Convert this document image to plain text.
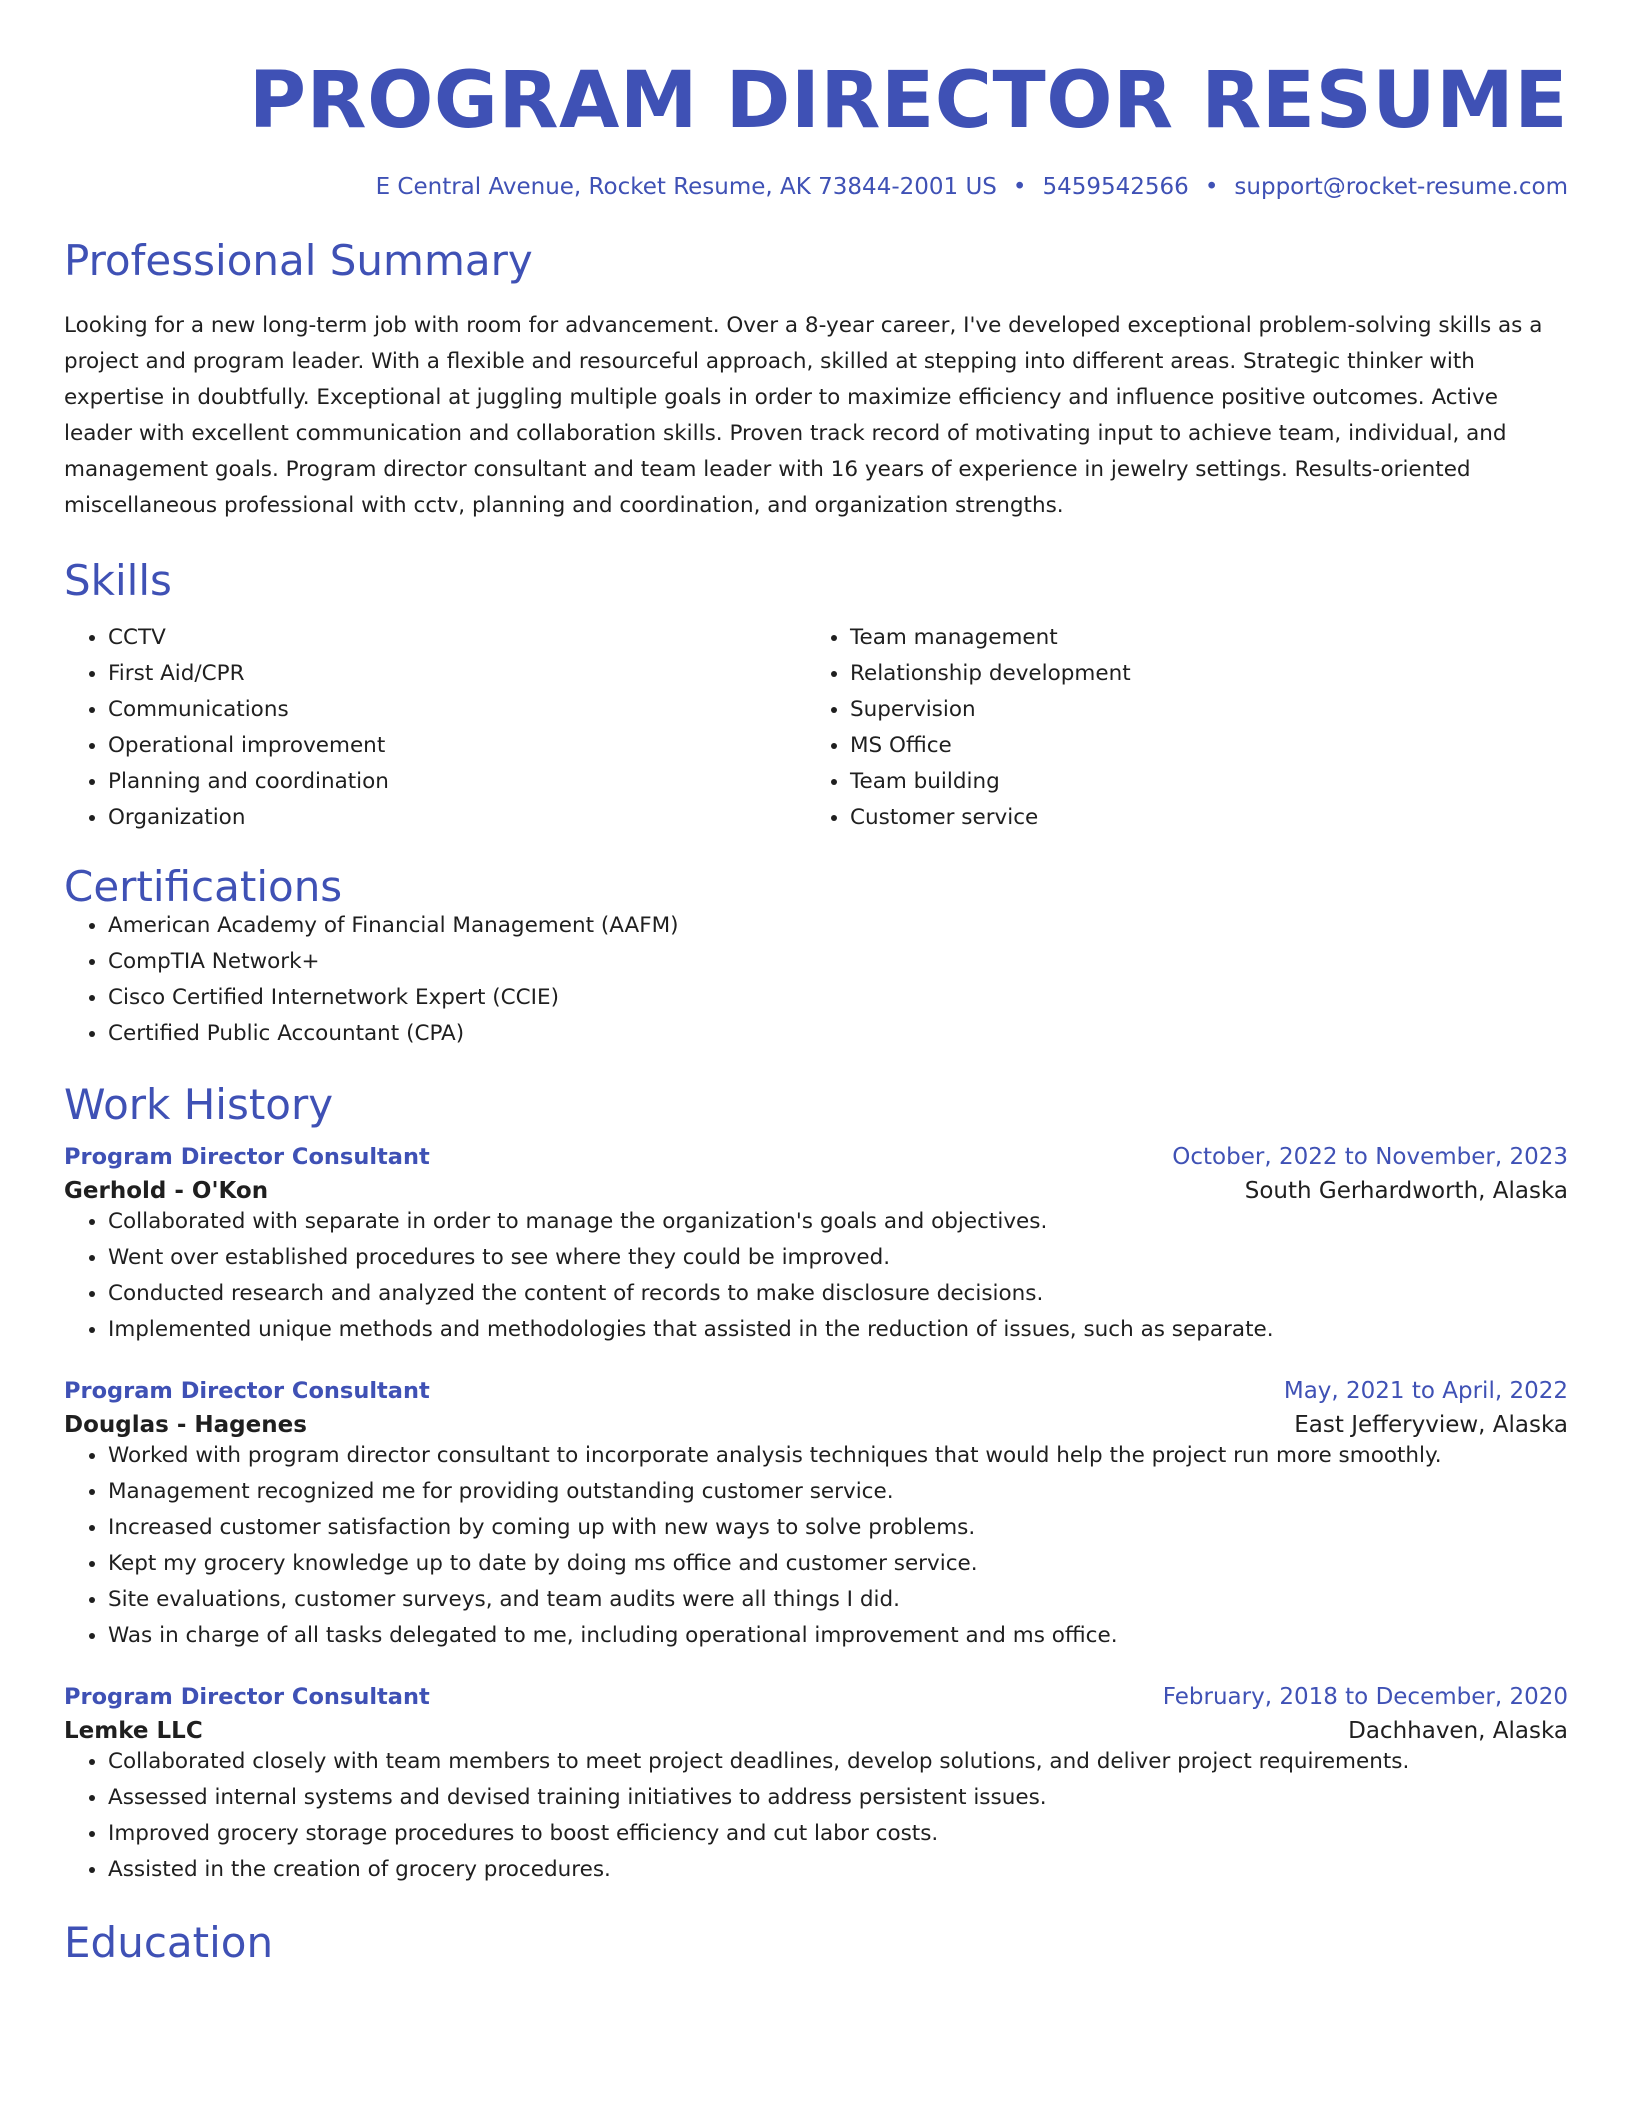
PROGRAM DIRECTOR RESUME
E Central Avenue, Rocket Resume, AK 73844-2001 US • 5459542566 • support@rocket-resume.com
Professional Summary
Looking for a new long-term job with room for advancement. Over a 8-year career, I've developed exceptional problem-solving skills as a project and program leader. With a flexible and resourceful approach, skilled at stepping into different areas. Strategic thinker with expertise in doubtfully. Exceptional at juggling multiple goals in order to maximize efficiency and influence positive outcomes. Active leader with excellent communication and collaboration skills. Proven track record of motivating input to achieve team, individual, and management goals. Program director consultant and team leader with 16 years of experience in jewelry settings. Results-oriented miscellaneous professional with cctv, planning and coordination, and organization strengths.
Skills
• CCTV
• First Aid/CPR
• Communications
• Operational improvement
• Planning and coordination
• Organization
• Team management
• Relationship development
• Supervision
• MS Office
• Team building
• Customer service
Certifications
• American Academy of Financial Management (AAFM)
• CompTIA Network+
• Cisco Certified Internetwork Expert (CCIE)
• Certified Public Accountant (CPA)
Work History
Program Director Consultant	October, 2022 to November, 2023
Gerhold - O'Kon	South Gerhardworth, Alaska
• Collaborated with separate in order to manage the organization's goals and objectives.
• Went over established procedures to see where they could be improved.
• Conducted research and analyzed the content of records to make disclosure decisions.
• Implemented unique methods and methodologies that assisted in the reduction of issues, such as separate.
Program Director Consultant	May, 2021 to April, 2022
Douglas - Hagenes	East Jefferyview, Alaska
• Worked with program director consultant to incorporate analysis techniques that would help the project run more smoothly.
• Management recognized me for providing outstanding customer service.
• Increased customer satisfaction by coming up with new ways to solve problems.
• Kept my grocery knowledge up to date by doing ms office and customer service.
• Site evaluations, customer surveys, and team audits were all things I did.
• Was in charge of all tasks delegated to me, including operational improvement and ms office.
Program Director Consultant	February, 2018 to December, 2020
Lemke LLC	Dachhaven, Alaska
• Collaborated closely with team members to meet project deadlines, develop solutions, and deliver project requirements.
• Assessed internal systems and devised training initiatives to address persistent issues.
• Improved grocery storage procedures to boost efficiency and cut labor costs.
• Assisted in the creation of grocery procedures.
Education
